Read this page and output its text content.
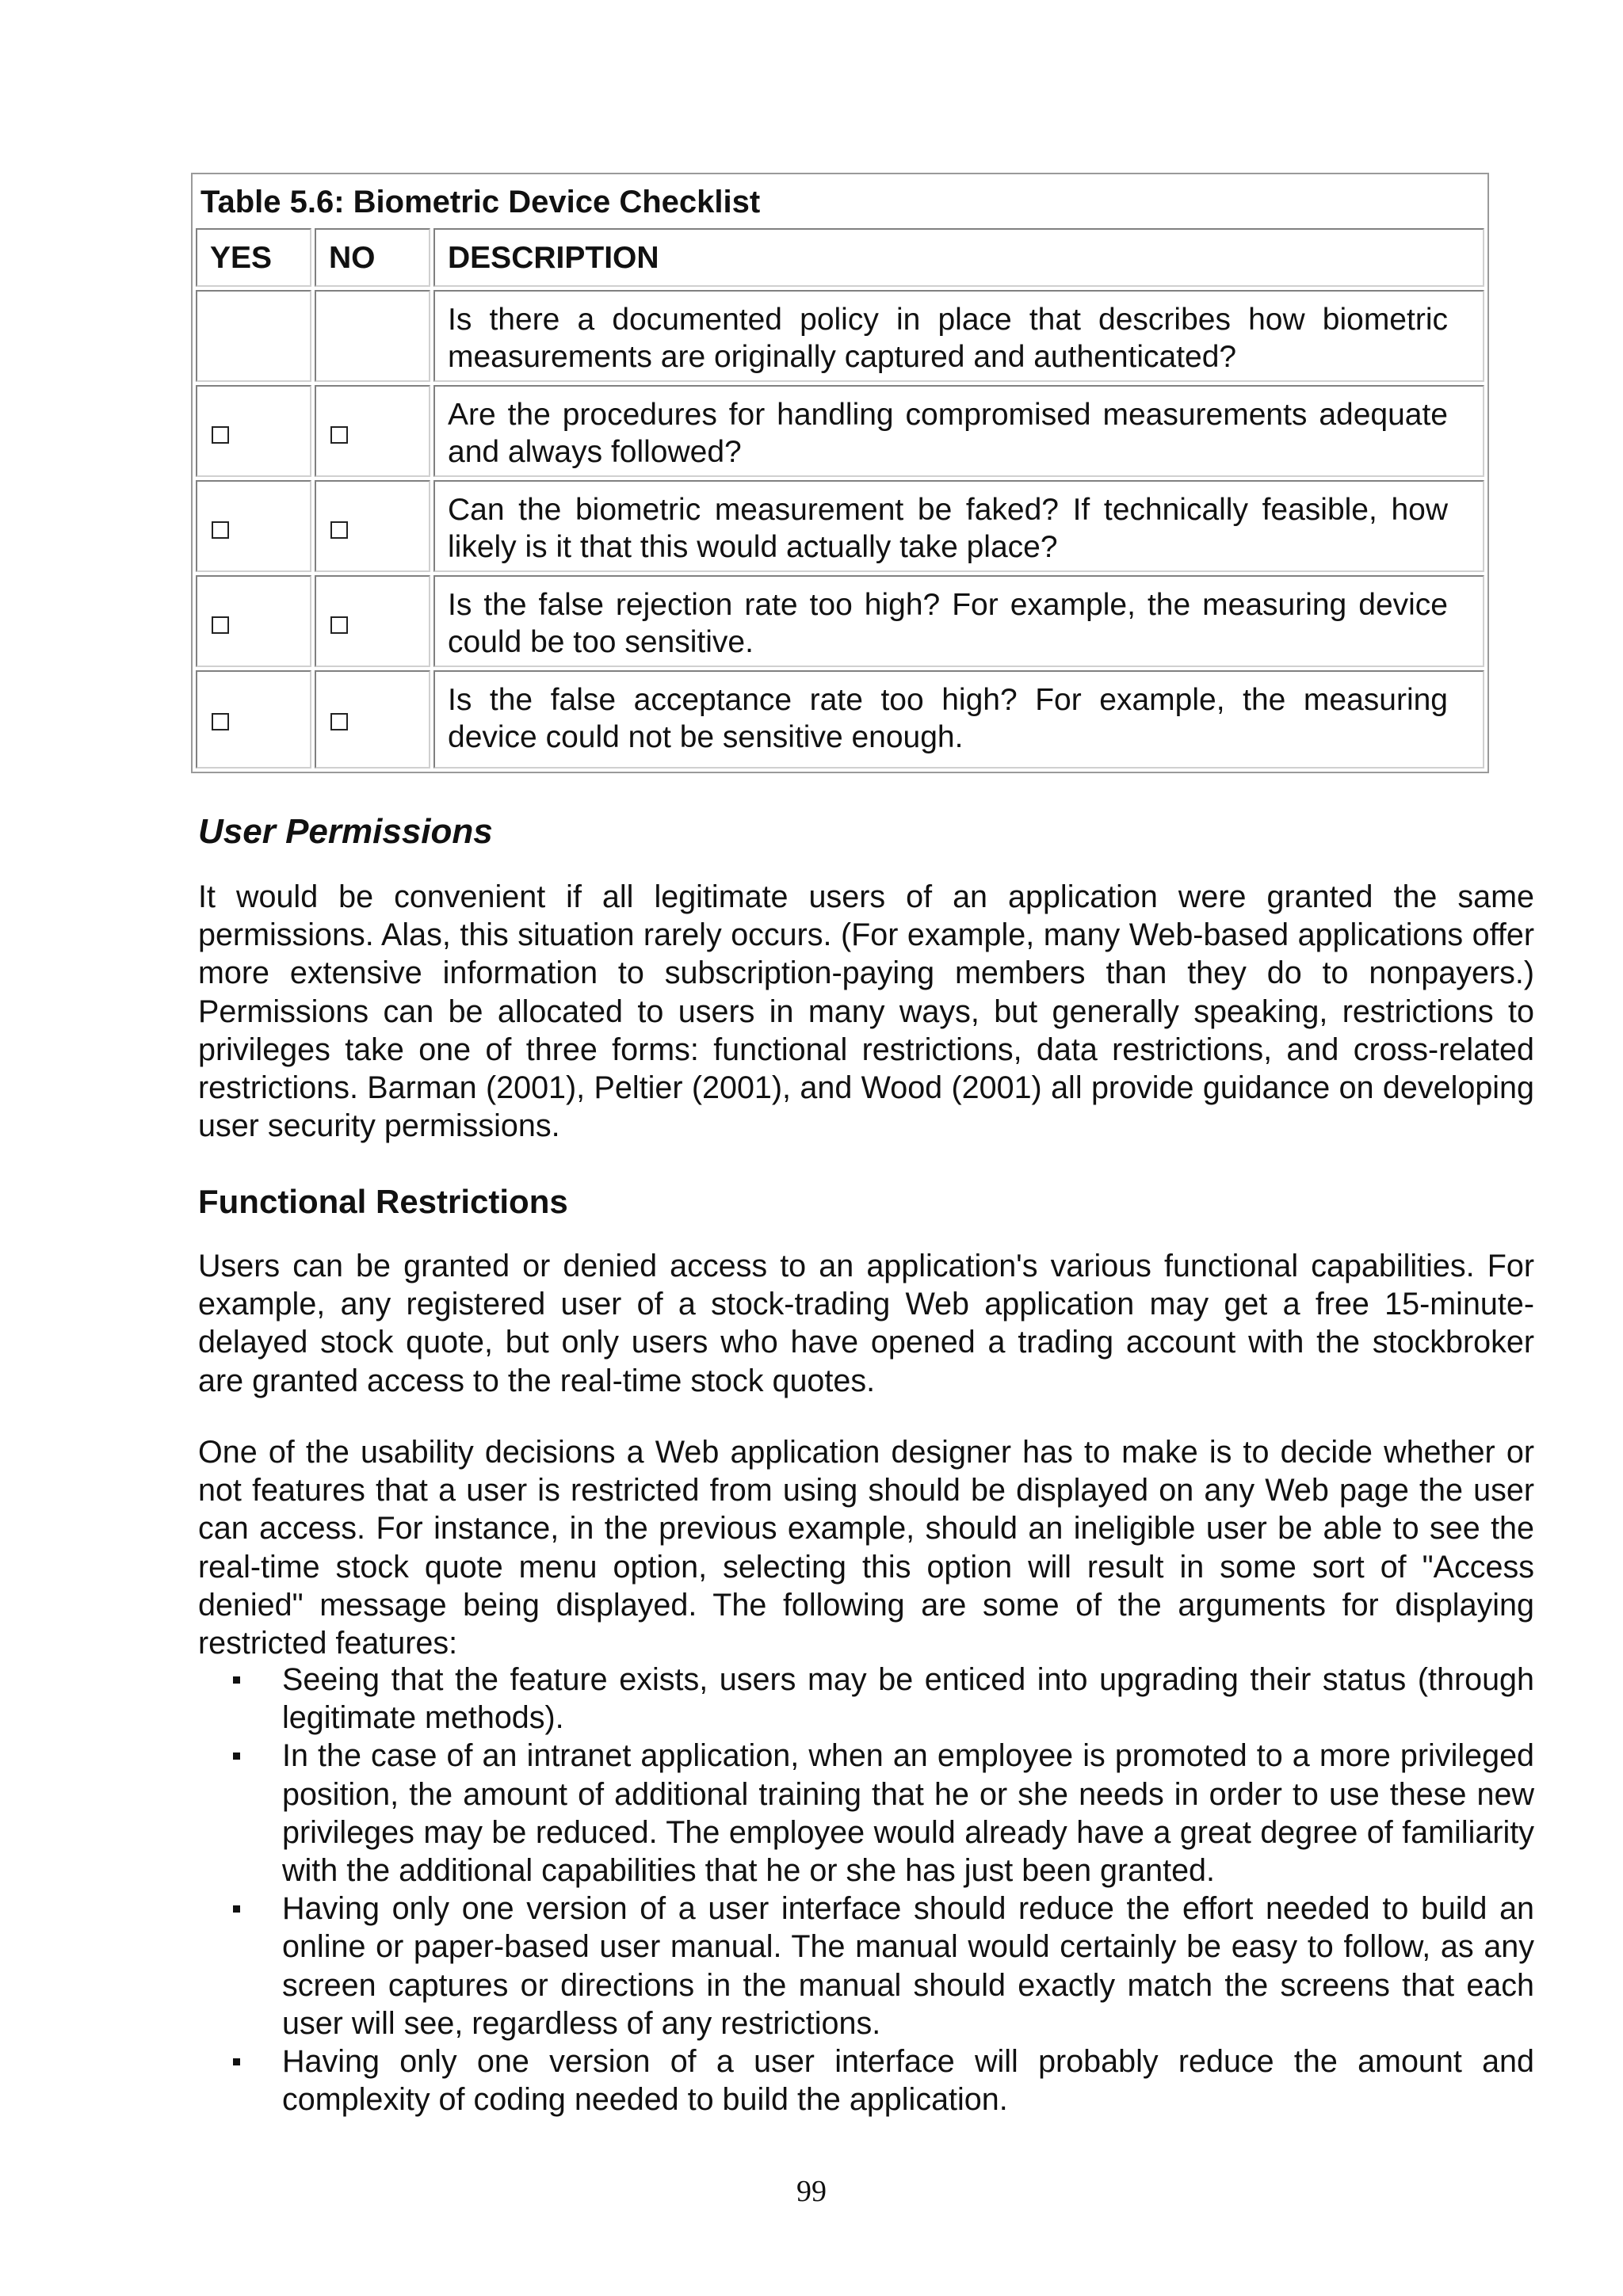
Table 5.6: Biometric Device Checklist
YES	NO	DESCRIPTION
Is there a documented policy in place that describes how biometric measurements are originally captured and authenticated?
Are the procedures for handling compromised measurements adequate and always followed?
Can the biometric measurement be faked? If technically feasible, how likely is it that this would actually take place?
Is the false rejection rate too high? For example, the measuring device could be too sensitive.
Is the false acceptance rate too high? For example, the measuring device could not be sensitive enough.
User Permissions

It would be convenient if all legitimate users of an application were granted the same permissions. Alas, this situation rarely occurs. (For example, many Web-based applications offer more extensive information to subscription-paying members than they do to nonpayers.) Permissions can be allocated to users in many ways, but generally speaking, restrictions to privileges take one of three forms: functional restrictions, data restrictions, and cross-related restrictions. Barman (2001), Peltier (2001), and Wood (2001) all provide guidance on developing user security permissions.

Functional Restrictions

Users can be granted or denied access to an application's various functional capabilities. For example, any registered user of a stock-trading Web application may get a free 15-minute-delayed stock quote, but only users who have opened a trading account with the stockbroker are granted access to the real-time stock quotes.

One of the usability decisions a Web application designer has to make is to decide whether or not features that a user is restricted from using should be displayed on any Web page the user can access. For instance, in the previous example, should an ineligible user be able to see the real-time stock quote menu option, selecting this option will result in some sort of "Access denied" message being displayed. The following are some of the arguments for displaying restricted features:

Seeing that the feature exists, users may be enticed into upgrading their status (through legitimate methods).
In the case of an intranet application, when an employee is promoted to a more privileged position, the amount of additional training that he or she needs in order to use these new privileges may be reduced. The employee would already have a great degree of familiarity with the additional capabilities that he or she has just been granted.
Having only one version of a user interface should reduce the effort needed to build an online or paper-based user manual. The manual would certainly be easy to follow, as any screen captures or directions in the manual should exactly match the screens that each user will see, regardless of any restrictions.
Having only one version of a user interface will probably reduce the amount and complexity of coding needed to build the application.
99
